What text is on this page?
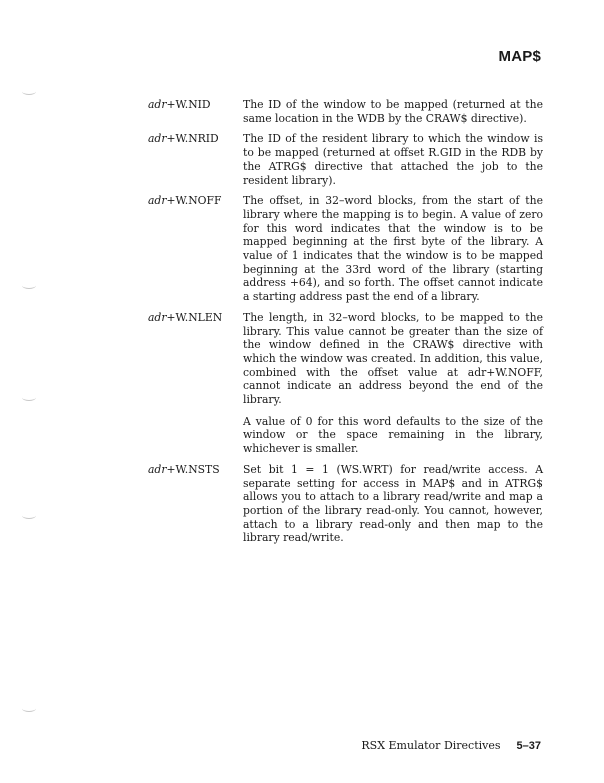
MAP$
adr+W.NID	The ID of the window to be mapped (returned at the same location in the WDB by the CRAW$ directive).

adr+W.NRID	The ID of the resident library to which the window is to be mapped (returned at offset R.GID in the RDB by the ATRG$ directive that attached the job to the resident library).

adr+W.NOFF	The offset, in 32–word blocks, from the start of the library where the mapping is to begin. A value of zero for this word indicates that the window is to be mapped beginning at the first byte of the library. A value of 1 indicates that the window is to be mapped beginning at the 33rd word of the library (starting address +64), and so forth. The offset cannot indicate a starting address past the end of a library.

adr+W.NLEN	The length, in 32–word blocks, to be mapped to the library. This value cannot be greater than the size of the window defined in the CRAW$ directive with which the window was created. In addition, this value, combined with the offset value at adr+W.NOFF, cannot indicate an address beyond the end of the library.

A value of 0 for this word defaults to the size of the window or the space remaining in the library, whichever is smaller.

adr+W.NSTS	Set bit 1 = 1 (WS.WRT) for read/write access. A separate setting for access in MAP$ and in ATRG$ allows you to attach to a library read/write and map a portion of the library read-only. You cannot, however, attach to a library read-only and then map to the library read/write.

RSX Emulator Directives 5–37
